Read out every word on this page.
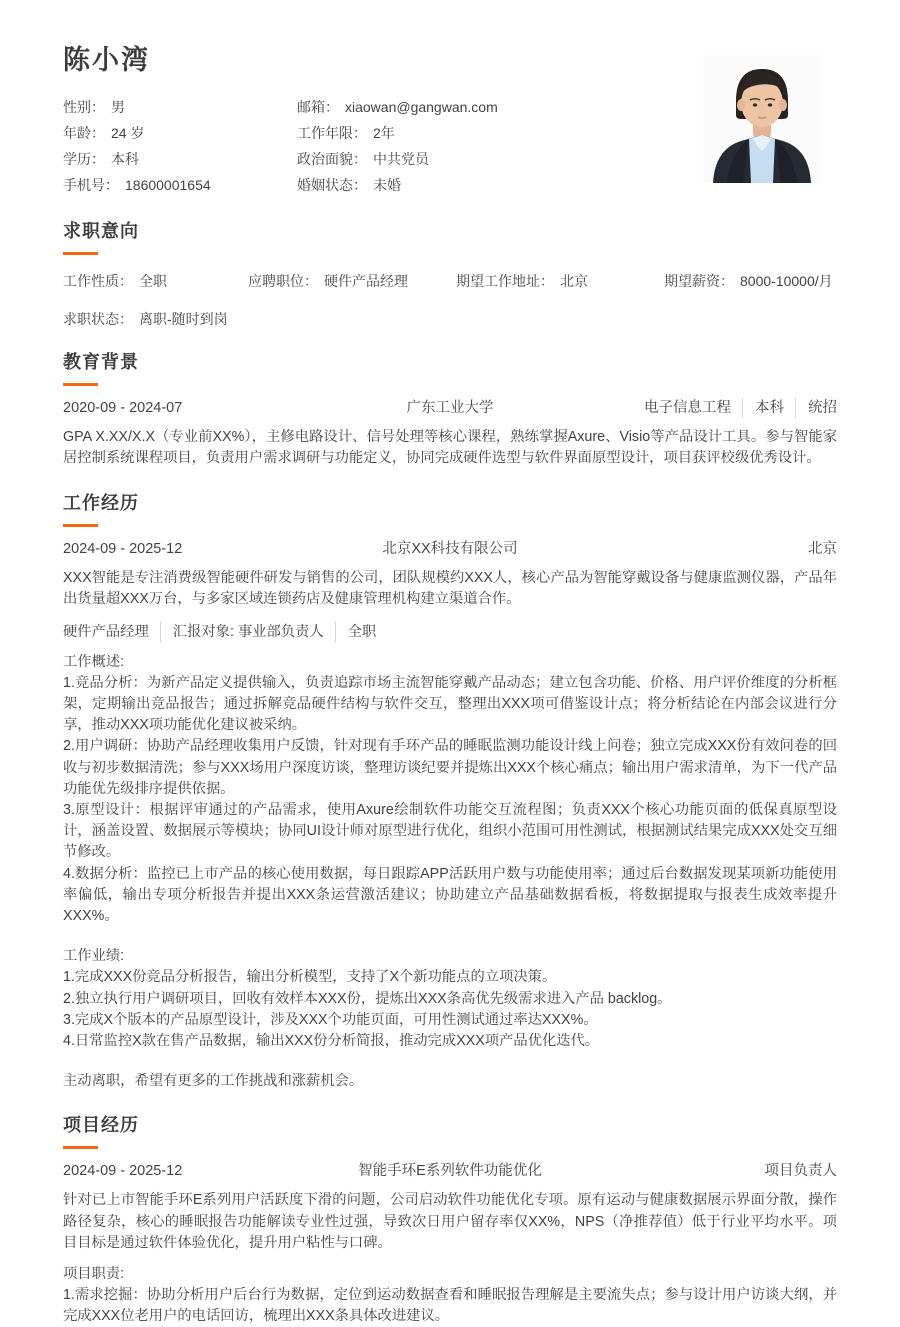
陈小湾
性别： 男
年龄： 24 岁
学历： 本科
手机号： 18600001654
邮箱： xiaowan@gangwan.com
工作年限： 2年
政治面貌： 中共党员
婚姻状态： 未婚
求职意向
工作性质： 全职	应聘职位： 硬件产品经理	期望工作地址： 北京	期望薪资： 8000-10000/月
求职状态： 离职-随时到岗
教育背景
2020-09 - 2024-07	广东工业大学	电子信息工程 本科 统招
GPA X.XX/X.X（专业前XX%），主修电路设计、信号处理等核心课程，熟练掌握Axure、Visio等产品设计工具。参与智能家居控制系统课程项目，负责用户需求调研与功能定义，协同完成硬件选型与软件界面原型设计，项目获评校级优秀设计。
工作经历
2024-09 - 2025-12	北京XX科技有限公司	北京
XXX智能是专注消费级智能硬件研发与销售的公司，团队规模约XXX人，核心产品为智能穿戴设备与健康监测仪器，产品年出货量超XXX万台，与多家区域连锁药店及健康管理机构建立渠道合作。
硬件产品经理 汇报对象: 事业部负责人 全职

工作概述:

1.竞品分析：为新产品定义提供输入，负责追踪市场主流智能穿戴产品动态；建立包含功能、价格、用户评价维度的分析框架，定期输出竞品报告；通过拆解竞品硬件结构与软件交互，整理出XXX项可借鉴设计点；将分析结论在内部会议进行分享，推动XXX项功能优化建议被采纳。

2.用户调研：协助产品经理收集用户反馈，针对现有手环产品的睡眠监测功能设计线上问卷；独立完成XXX份有效问卷的回收与初步数据清洗；参与XXX场用户深度访谈，整理访谈纪要并提炼出XXX个核心痛点；输出用户需求清单，为下一代产品功能优先级排序提供依据。

3.原型设计：根据评审通过的产品需求，使用Axure绘制软件功能交互流程图；负责XXX个核心功能页面的低保真原型设计，涵盖设置、数据展示等模块；协同UI设计师对原型进行优化，组织小范围可用性测试，根据测试结果完成XXX处交互细节修改。

4.数据分析：监控已上市产品的核心使用数据，每日跟踪APP活跃用户数与功能使用率；通过后台数据发现某项新功能使用率偏低，输出专项分析报告并提出XXX条运营激活建议；协助建立产品基础数据看板，将数据提取与报表生成效率提升XXX%。

工作业绩:

1.完成XXX份竞品分析报告，输出分析模型，支持了X个新功能点的立项决策。

2.独立执行用户调研项目，回收有效样本XXX份，提炼出XXX条高优先级需求进入产品 backlog。

3.完成X个版本的产品原型设计，涉及XXX个功能页面，可用性测试通过率达XXX%。

4.日常监控X款在售产品数据，输出XXX份分析简报，推动完成XXX项产品优化迭代。

主动离职，希望有更多的工作挑战和涨薪机会。

项目经历
2024-09 - 2025-12	智能手环E系列软件功能优化	项目负责人
针对已上市智能手环E系列用户活跃度下滑的问题，公司启动软件功能优化专项。原有运动与健康数据展示界面分散，操作路径复杂，核心的睡眠报告功能解读专业性过强，导致次日用户留存率仅XX%，NPS（净推荐值）低于行业平均水平。项目目标是通过软件体验优化，提升用户粘性与口碑。

项目职责:

1.需求挖掘：协助分析用户后台行为数据，定位到运动数据查看和睡眠报告理解是主要流失点；参与设计用户访谈大纲，并完成XXX位老用户的电话回访，梳理出XXX条具体改进建议。
